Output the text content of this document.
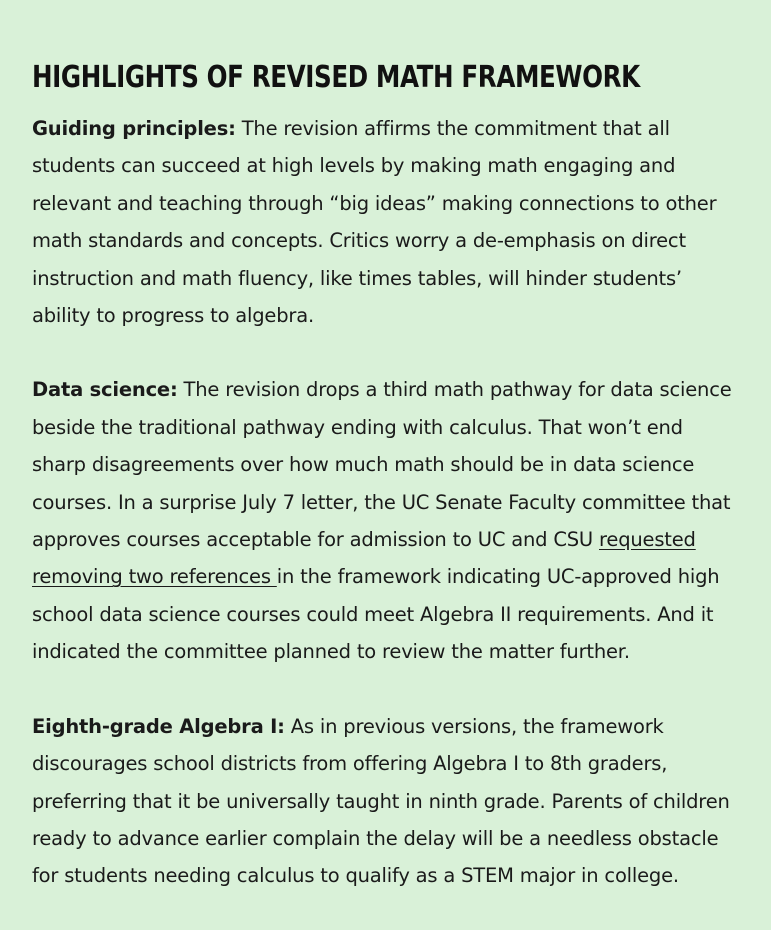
HIGHLIGHTS OF REVISED MATH FRAMEWORK

Guiding principles: The revision affirms the commitment that all students can succeed at high levels by making math engaging and relevant and teaching through “big ideas” making connections to other math standards and concepts. Critics worry a de-emphasis on direct instruction and math fluency, like times tables, will hinder students’ ability to progress to algebra.

Data science: The revision drops a third math pathway for data science beside the traditional pathway ending with calculus. That won’t end sharp disagreements over how much math should be in data science courses. In a surprise July 7 letter, the UC Senate Faculty committee that approves courses acceptable for admission to UC and CSU requested removing two references in the framework indicating UC-approved high school data science courses could meet Algebra II requirements. And it indicated the committee planned to review the matter further.

Eighth-grade Algebra I: As in previous versions, the framework discourages school districts from offering Algebra I to 8th graders, preferring that it be universally taught in ninth grade. Parents of children ready to advance earlier complain the delay will be a needless obstacle for students needing calculus to qualify as a STEM major in college.
